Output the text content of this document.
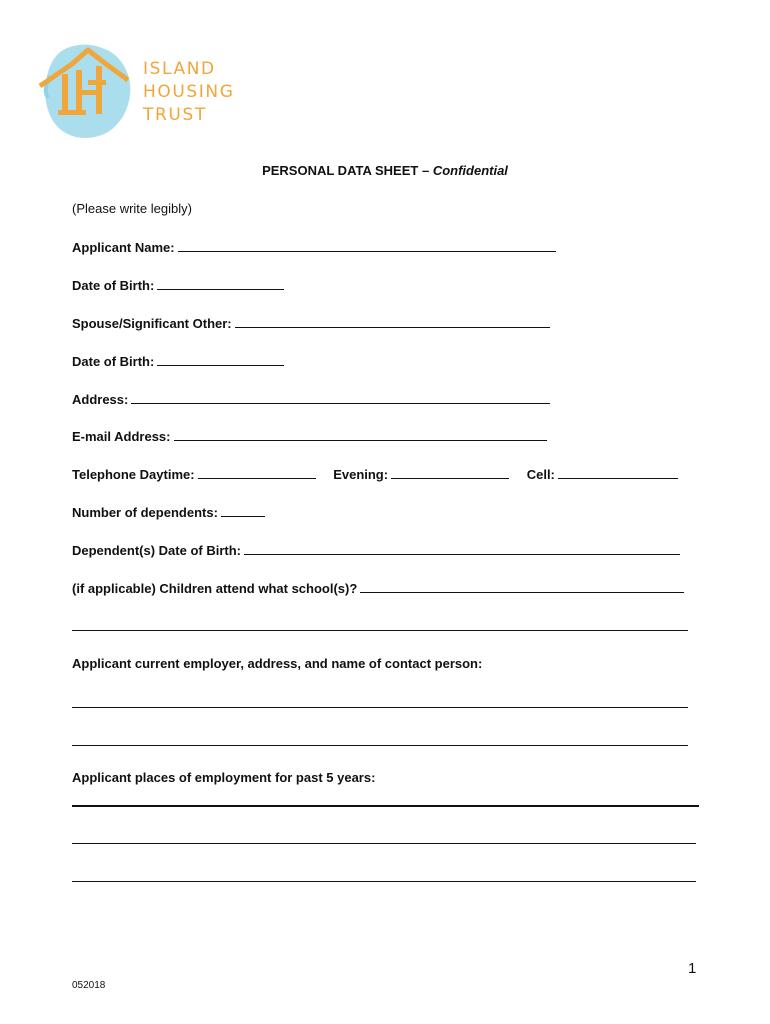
ISLAND
HOUSING
TRUST
PERSONAL DATA SHEET – Confidential
(Please write legibly)
Applicant Name:
Date of Birth:
Spouse/Significant Other:
Date of Birth:
Address:
E-mail Address:
Telephone Daytime:	Evening:	Cell:
Number of dependents:
Dependent(s) Date of Birth:
(if applicable) Children attend what school(s)?
Applicant current employer, address, and name of contact person:
Applicant places of employment for past 5 years:
1
052018
